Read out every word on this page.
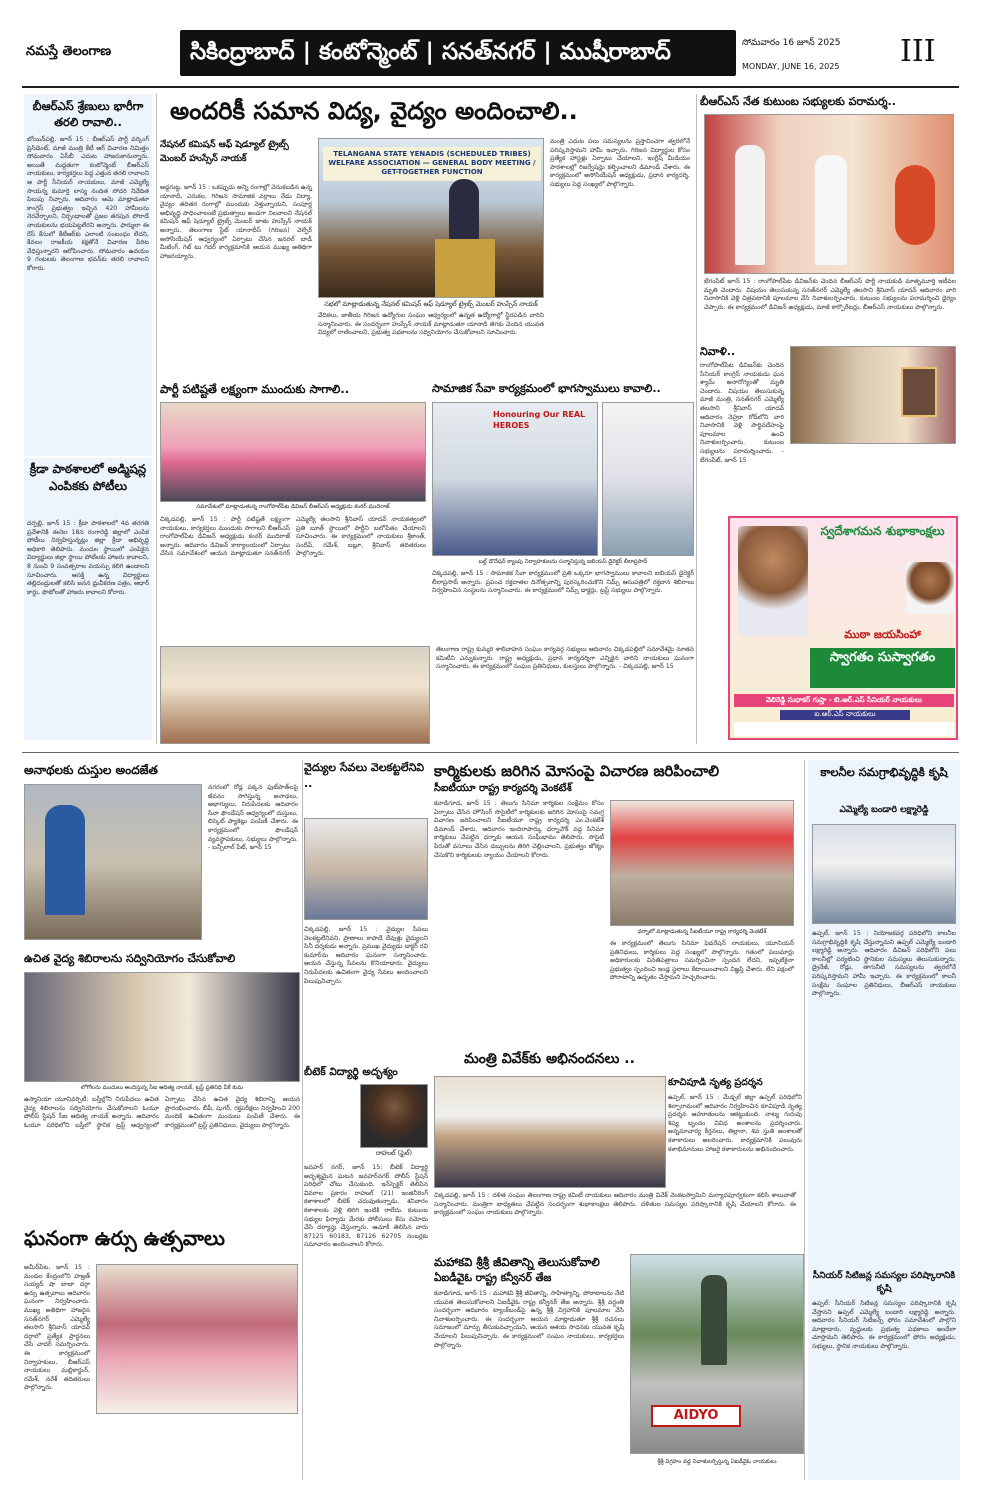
నమస్తే తెలంగాణ	సికింద్రాబాద్ | కంటోన్మెంట్ | సనత్‌నగర్ | ముషీరాబాద్	సోమవారం 16 జూన్ 2025
MONDAY, JUNE 16, 2025	III
బీఆర్ఎస్ శ్రేణులు భారీగా తరలి రావాలి..
బోయిన్‌పల్లి, జూన్ 15 : బీఆర్ఎస్ పార్టీ వర్కింగ్ ప్రెసిడెంట్, మాజీ మంత్రి కేటీ ఆర్ విచారణ నిమిత్తం సోమవారం ఏసీబీ ఎదుట హాజరుకానున్నారు. అయితే మద్దతుగా కంటోన్మెంట్ బీఆర్ఎస్ నాయకులు, కార్యకర్తలు పెద్ద ఎత్తున తరలి రావాలని ఆ పార్టీ సీనియర్ నాయకులు, మాజీ ఎమ్మెల్యే సాయన్న కుమార్తె లాస్య నందిత సోదరి నివేదిత పిలుపు నిచ్చారు. ఆదివారం ఆమె మాట్లాడుతూ కాంగ్రెస్ ప్రభుత్వం ఇచ్చిన 420 హామీలను నెరవేర్చాలని, నిర్బంధాలతో ప్రజల తరపున పోరాడే నాయకులను భయపెట్టలేరని అన్నారు. ఫార్ములా ఈ రేస్ కేసులో కేటీఆర్‌కు ఎలాంటి సంబంధం లేదని, కేవలం రాజకీయ కక్షతోనే విచారణ పేరిట వేధిస్తున్నారని ఆరోపించారు. సోమవారం ఉదయం 9 గంటలకు తెలంగాణ భవన్‌కు తరలి రావాలని కోరారు.
క్రీడా పాఠశాలలో అడ్మిషన్ల ఎంపికకు పోటీలు
దర్పల్లి, జూన్ 15 : క్రీడా పాఠశాలలో 4వ తరగతి ప్రవేశానికి ఈనెల 18న రంగారెడ్డి జిల్లాలో ఎంపిక పోటీలు నిర్వహిస్తున్నట్లు జిల్లా క్రీడా అభివృద్ధి అధికారి తెలిపారు. మండల స్థాయిలో ఎంపికైన విద్యార్థులు జిల్లా స్థాయి పోటీలకు హాజరు కావాలని, 8 నుంచి 9 సంవత్సరాల వయస్సు కలిగి ఉండాలని సూచించారు. ఆసక్తి ఉన్న విద్యార్థులు తల్లిదండ్రులతో కలిసి జనన ధ్రువీకరణ పత్రం, ఆధార్ కార్డు, ఫొటోలతో హాజరు కావాలని కోరారు.
అందరికీ సమాన విద్య, వైద్యం అందించాలి..
నేషనల్ కమిషన్ ఆఫ్ షెడ్యూల్ ట్రైబ్స్ మెంబర్ హుస్సేన్ నాయక్	TELANGANA STATE YENADIS (SCHEDULED TRIBES) WELFARE ASSOCIATION — GENERAL BODY MEETING / GET-TOGETHER FUNCTION
సభలో మాట్లాడుతున్న నేషనల్ కమిషన్ ఆఫ్ షెడ్యూల్ ట్రైబ్స్ మెంబర్ హుస్సేన్ నాయక్
అడ్డగుట్ట, జూన్ 15 : ఒకప్పుడు అన్ని రంగాల్లో వెనుకబడిన ఉన్న యానాదీ, ఎరుకల, గిరిజన సామాజిక వర్గాలు నేడు విద్యా, వైద్యం తదితర రంగాల్లో ముందుకు వెళ్తున్నాయని, సంపూర్ణ అభివృద్ధి సాధించాలంటే ప్రభుత్వాలు అండగా నిలవాలని నేషనల్ కమిషన్ ఆఫ్ షెడ్యూల్ ట్రైబ్స్ మెంబర్ జాతు హుస్సేన్ నాయక్ అన్నారు. తెలంగాణ స్టేట్ యానాదీస్ (గిరిజన) వెల్ఫేర్ అసోసియేషన్ ఆధ్వర్యంలో ఏర్పాటు చేసిన జనరల్ బాడీ మీటింగ్, గెట్ టు గెదర్ కార్యక్రమానికి ఆయన ముఖ్య అతిథిగా హాజరయ్యారు.
వేదికలు, జాతీయ గిరిజన ఉద్యోగుల సంఘం ఆధ్వర్యంలో ఉన్నత ఉద్యోగాల్లో స్థిరపడిన వారిని సన్మానించారు. ఈ సందర్భంగా హుస్సేన్ నాయక్ మాట్లాడుతూ యానాదీ తెగకు చెందిన యువత విద్యలో రాణించాలని, ప్రభుత్వ పథకాలను సద్వినియోగం చేసుకోవాలని సూచించారు.
మంత్రి ఎదుట పలు సమస్యలను ప్రస్తావించగా త్వరలోనే పరిష్కరిస్తామని హామీ ఇచ్చారు. గిరిజన విద్యార్థుల కోసం ప్రత్యేక హాస్టళ్లు ఏర్పాటు చేయాలని, ఇంగ్లీష్ మీడియం పాఠశాలల్లో రిజర్వేషన్లు కల్పించాలని డిమాండ్ చేశారు. ఈ కార్యక్రమంలో అసోసియేషన్ అధ్యక్షుడు, ప్రధాన కార్యదర్శి, సభ్యులు పెద్ద సంఖ్యలో పాల్గొన్నారు.
బీఆర్ఎస్ నేత కుటుంబ సభ్యులకు పరామర్శ..
బేగంపేట్ జూన్ 15 : రాంగోపాల్‌పేట డివిజన్‌కు చెందిన బీఆర్ఎస్ పార్టీ నాయకుడి మాతృమూర్తి ఇటీవల మృతి చెందారు. విషయం తెలుసుకున్న సనత్‌నగర్ ఎమ్మెల్యే తలసాని శ్రీనివాస్ యాదవ్ ఆదివారం వారి నివాసానికి వెళ్లి చిత్రపటానికి పూలమాల వేసి నివాళులర్పించారు. కుటుంబ సభ్యులను పరామర్శించి ధైర్యం చెప్పారు. ఈ కార్యక్రమంలో డివిజన్ అధ్యక్షుడు, మాజీ కార్పొరేటర్లు, బీఆర్ఎస్ నాయకులు పాల్గొన్నారు.
నివాళి..
రాంగోపాల్‌పేట డివిజన్‌కు చెందిన సీనియర్ కాంగ్రెస్ నాయకుడు ఘన శ్యామ్ అనారోగ్యంతో మృతి చెందారు. విషయం తెలుసుకున్న మాజీ మంత్రి, సనత్‌నగర్ ఎమ్మెల్యే తలసాని శ్రీనివాస్ యాదవ్ ఆదివారం నెహ్రూ రోడ్‌లోని వారి నివాసానికి వెళ్లి పార్థివదేహంపై పూలమాల ఉంచి నివాళులర్పించారు. కుటుంబ సభ్యులను పరామర్శించారు. - బేగంపేట్, జూన్ 15
స్వదేశాగమన శుభాకాంక్షలు
ముఠా జయసింహా
స్వాగతం సుస్వాగతం
వెలిరెడ్డి సుధాకర్ గుప్తా - బి.ఆర్.ఎస్ సీనియర్ నాయకులు
ఐ.ఆర్.ఎస్ నాయకులు
పార్టీ పటిష్టతే లక్ష్యంగా ముందుకు సాగాలి..
సమావేశంలో మాట్లాడుతున్న రాంగోపాల్‌పేట డివిజన్ బీఆర్ఎస్ అధ్యక్షుడు కంఠర్ ముదిరాజ్
చిక్కడపల్లి, జూన్ 15 : పార్టీ పటిష్టతే లక్ష్యంగా నాయకులు, కార్యకర్తలు ముందుకు సాగాలని బీఆర్ఎస్ రాంగోపాల్‌పేట డివిజన్ అధ్యక్షుడు కంఠర్ ముదిరాజ్ అన్నారు. ఆదివారం డివిజన్ కార్యాలయంలో ఏర్పాటు చేసిన సమావేశంలో ఆయన మాట్లాడుతూ సనత్‌నగర్ ఎమ్మెల్యే తలసాని శ్రీనివాస్ యాదవ్ నాయకత్వంలో ప్రతి బూత్ స్థాయిలో పార్టీని బలోపేతం చేయాలని సూచించారు. ఈ కార్యక్రమంలో నాయకులు శ్రీకాంత్, సందీప్, రమేశ్, బబ్లూ, శ్రీనివాస్ తదితరులు పాల్గొన్నారు.
సామాజిక సేవా కార్యక్రమంలో భాగస్వాములు కావాలి..
Honouring Our REAL HEROES
బల్డ్ డొనేషన్ క్యాంపు నిర్వాహకులను సన్మానిస్తున్న ఐబియస్ డైరెక్టర్ లీలాప్రసాద్
చిక్కడపల్లి, జూన్ 15 : సామాజిక సేవా కార్యక్రమంలో ప్రతి ఒక్కరూ భాగస్వాములు కావాలని ఐబియస్ డైరెక్టర్ లీలాప్రసాద్ అన్నారు. ప్రపంచ రక్తదాతల దినోత్సవాన్ని పురస్కరించుకొని నిమ్స్ ఆసుపత్రిలో రక్తదాన శిబిరాలు నిర్వహించిన సంస్థలను సన్మానించారు. ఈ కార్యక్రమంలో నిమ్స్ డాక్టర్లు, ట్రస్ట్ సభ్యులు పాల్గొన్నారు.
తెలంగాణ రాష్ట్ర కుమ్మరి శాలివాహన సంఘం కార్యవర్గ సభ్యులు ఆదివారం చిక్కడపల్లిలో సమావేశమై నూతన కమిటీని ఎన్నుకున్నారు. రాష్ట్ర అధ్యక్షుడు, ప్రధాన కార్యదర్శిగా ఎన్నికైన వారిని నాయకులు ఘనంగా సన్మానించారు. ఈ కార్యక్రమంలో సంఘం ప్రతినిధులు, కులస్తులు పాల్గొన్నారు. - చిక్కడపల్లి, జూన్ 15
అనాథలకు దుస్తుల అందజేత
నగరంలో రోడ్ల పక్కన ఫుట్‌పాత్‌లపై జీవనం సాగిస్తున్న అనాథలు, అభాగ్యులు, నిరుపేదలకు ఆదివారం సేవా ఫౌండేషన్ ఆధ్వర్యంలో దుస్తులు, బిస్కెట్ ప్యాకెట్లు పంపిణీ చేశారు. ఈ కార్యక్రమంలో ఫౌండేషన్ వ్యవస్థాపకులు, సభ్యులు పాల్గొన్నారు. - బన్సీలాల్ పేట్, జూన్ 15
వైద్యుల సేవలు వెలకట్టలేనివి ..
చిక్కడపల్లి, జూన్ 15 : వైద్యుల సేవలు వెలకట్టలేనివని, ప్రాణాలు కాపాడే దేవుళ్లు వైద్యులని సినీ దర్శకుడు అన్నారు. ప్రముఖ వైద్యుడు డాక్టర్ రవి కుమార్‌ను ఆదివారం ఘనంగా సన్మానించారు. ఆయన చేస్తున్న సేవలను కొనియాడారు. వైద్యులు నిరుపేదలకు ఉచితంగా వైద్య సేవలు అందించాలని పిలుపునిచ్చారు.
కార్మికులకు జరిగిన మోసంపై విచారణ జరిపించాలి
సీఐటీయూ రాష్ట్ర కార్యదర్శి వెంకటేశ్
కవాడిగూడ, జూన్ 15 : తెలుగు సినిమా కార్మికుల సంక్షేమం కోసం ఏర్పాటు చేసిన హౌసింగ్ సొసైటీలో కార్మికులకు జరిగిన మోసంపై సమగ్ర విచారణ జరిపించాలని సీఐటీయూ రాష్ట్ర కార్యదర్శి ఎం.వెంకటేశ్ డిమాండ్ చేశారు. ఆదివారం ఇందిరాపార్కు ధర్నాచౌక్ వద్ద సినిమా కార్మికులు చేపట్టిన ధర్నాకు ఆయన సంఘీభావం తెలిపారు. సొసైటీ పేరుతో వసూలు చేసిన డబ్బులను తిరిగి చెల్లించాలని, ప్రభుత్వం జోక్యం చేసుకొని కార్మికులకు న్యాయం చేయాలని కోరారు.
ధర్నాలో మాట్లాడుతున్న సీఐటీయూ రాష్ట్ర కార్యదర్శి వెంకటేశ్
ఈ కార్యక్రమంలో తెలుగు సినిమా ఫెడరేషన్ నాయకులు, యూనియన్ ప్రతినిధులు, కార్మికులు పెద్ద సంఖ్యలో పాల్గొన్నారు. గతంలో పలుమార్లు అధికారులకు వినతిపత్రాలు సమర్పించినా స్పందన లేదని, ఇప్పటికైనా ప్రభుత్వం స్పందించి ఇండ్ల స్థలాలు కేటాయించాలని విజ్ఞప్తి చేశారు. లేని పక్షంలో పోరాటాన్ని ఉధృతం చేస్తామని హెచ్చరించారు.
కాలనీల సమగ్రాభివృద్ధికి కృషి
ఎమ్మెల్యే బండారి లక్ష్మారెడ్డి
ఉప్పల్, జూన్ 15 : నియోజకవర్గ పరిధిలోని కాలనీల సమగ్రాభివృద్ధికి కృషి చేస్తున్నామని ఉప్పల్ ఎమ్మెల్యే బండారి లక్ష్మారెడ్డి అన్నారు. ఆదివారం డివిజన్ పరిధిలోని పలు కాలనీల్లో పర్యటించి స్థానికుల సమస్యలు తెలుసుకున్నారు. డ్రైనేజీ, రోడ్లు, తాగునీటి సమస్యలను త్వరలోనే పరిష్కరిస్తామని హామీ ఇచ్చారు. ఈ కార్యక్రమంలో కాలనీ సంక్షేమ సంఘాల ప్రతినిధులు, బీఆర్ఎస్ నాయకులు పాల్గొన్నారు.
సీనియర్ సిటిజన్ల సమస్యల పరిష్కారానికి కృషి
ఉప్పల్: సీనియర్ సిటిజన్ల సమస్యల పరిష్కారానికి కృషి చేస్తానని ఉప్పల్ ఎమ్మెల్యే బండారి లక్ష్మారెడ్డి అన్నారు. ఆదివారం సీనియర్ సిటిజన్స్ ఫోరం సమావేశంలో పాల్గొని మాట్లాడారు. వృద్ధులకు ప్రభుత్వ పథకాలు అందేలా చూస్తామని తెలిపారు. ఈ కార్యక్రమంలో ఫోరం అధ్యక్షుడు, సభ్యులు, స్థానిక నాయకులు పాల్గొన్నారు.
ఉచిత వైద్య శిబిరాలను సద్వినియోగం చేసుకోవాలి
లోగోలను మందులు అందిస్తున్న సీఐ ఆదిత్య నాయక్, ట్రస్ట్ ప్రతినిధి వీకే కుమ
ఉస్మానియా యూనివర్సిటీ: బస్తీల్లోని నిరుపేదలు ఉచిత వైద్య శిబిరాలను సద్వినియోగం చేసుకోవాలని ఓయూ పోలీస్ స్టేషన్ సీఐ ఆదిత్య నాయక్ అన్నారు. ఆదివారం ఓయూ పరిధిలోని బస్తీలో స్థానిక ట్రస్ట్ ఆధ్వర్యంలో ఏర్పాటు చేసిన ఉచిత వైద్య శిబిరాన్ని ఆయన ప్రారంభించారు. బీపీ, షుగర్, రక్తపరీక్షలు నిర్వహించి 200 మందికి ఉచితంగా మందులు పంపిణీ చేశారు. ఈ కార్యక్రమంలో ట్రస్ట్ ప్రతినిధులు, వైద్యులు పాల్గొన్నారు.
ఘనంగా ఉర్సు ఉత్సవాలు
అమీర్‌పేట, జూన్ 15 : మండల కేంద్రంలోని హజ్రత్ సయ్యద్ షా బాబా దర్గా ఉర్సు ఉత్సవాలు ఆదివారం ఘనంగా నిర్వహించారు. ముఖ్య అతిథిగా హాజరైన సనత్‌నగర్ ఎమ్మెల్యే తలసాని శ్రీనివాస్ యాదవ్ దర్గాలో ప్రత్యేక ప్రార్థనలు చేసి చాదర్ సమర్పించారు. ఈ కార్యక్రమంలో నిర్వాహకులు, బీఆర్ఎస్ నాయకులు మల్లికార్జున్, రమేశ్, నరేశ్ తదితరులు పాల్గొన్నారు.
బీటెక్ విద్యార్థి అదృశ్యం
రాహుల్ (ఫైల్)
జవహర్ నగర్, జూన్ 15: బీటెక్ విద్యార్థి అదృశ్యమైన ఘటన జవహర్‌నగర్ పోలీస్ స్టేషన్ పరిధిలో చోటు చేసుకుంది. ఇన్‌స్పెక్టర్ తెలిపిన వివరాల ప్రకారం రాహుల్ (21) ఇంజినీరింగ్ కళాశాలలో బీటెక్ చదువుతున్నాడు. శనివారం కళాశాలకు వెళ్లి తిరిగి ఇంటికి రాలేదు. కుటుంబ సభ్యుల ఫిర్యాదు మేరకు పోలీసులు కేసు నమోదు చేసి దర్యాప్తు చేస్తున్నారు. ఆచూకీ తెలిసిన వారు 87125 60183, 87126 62705 నంబర్లకు సమాచారం అందించాలని కోరారు.
మంత్రి వివేక్‌కు అభినందనలు ..
చిక్కడపల్లి, జూన్ 15 : దళిత సంఘం తెలంగాణ రాష్ట్ర కమిటీ నాయకులు ఆదివారం మంత్రి వివేక్ వెంకటస్వామిని మర్యాదపూర్వకంగా కలిసి శాలువాతో సన్మానించారు. మంత్రిగా బాధ్యతలు చేపట్టిన సందర్భంగా శుభాకాంక్షలు తెలిపారు. దళితుల సమస్యల పరిష్కారానికి కృషి చేయాలని కోరారు. ఈ కార్యక్రమంలో సంఘం నాయకులు పాల్గొన్నారు.
కూచిపూడి నృత్య ప్రదర్శన
ఉప్పల్, జూన్ 15 : మేడ్చల్ జిల్లా ఉప్పల్ పరిధిలోని శిల్పారామంలో ఆదివారం నిర్వహించిన కూచిపూడి నృత్య ప్రదర్శన ఆహూతులను ఆకట్టుకుంది. నాట్య గురువు శిష్య బృందం వివిధ అంశాలను ప్రదర్శించారు. అన్నమాచార్య కీర్తనలు, తిల్లానా, శివ స్తుతి అంశాలతో కళాకారులు అలరించారు. కార్యక్రమానికి పలువురు కళాభిమానులు హాజరై కళాకారులను అభినందించారు.
మహాకవి శ్రీశ్రీ జీవితాన్ని తెలుసుకోవాలి
ఏఐడీవైఓ రాష్ట్ర కన్వీనర్ తేజ
కవాడిగూడ, జూన్ 15 : మహాకవి శ్రీశ్రీ జీవితాన్ని, సాహిత్యాన్ని, పోరాటాలను నేటి యువత తెలుసుకోవాలని ఏఐడీవైఓ రాష్ట్ర కన్వీనర్ తేజ అన్నారు. శ్రీశ్రీ వర్ధంతి సందర్భంగా ఆదివారం ట్యాంక్‌బండ్‌పై ఉన్న శ్రీశ్రీ విగ్రహానికి పూలమాల వేసి నివాళులర్పించారు. ఈ సందర్భంగా ఆయన మాట్లాడుతూ శ్రీశ్రీ రచనలు సమాజంలో మార్పు తీసుకువచ్చాయని, ఆయన ఆశయ సాధనకు యువత కృషి చేయాలని పిలుపునిచ్చారు. ఈ కార్యక్రమంలో సంఘం నాయకులు, కార్యకర్తలు పాల్గొన్నారు.
AIDYO
శ్రీశ్రీ విగ్రహం వద్ద నివాళులర్పిస్తున్న ఏఐడీవైఓ నాయకులు
